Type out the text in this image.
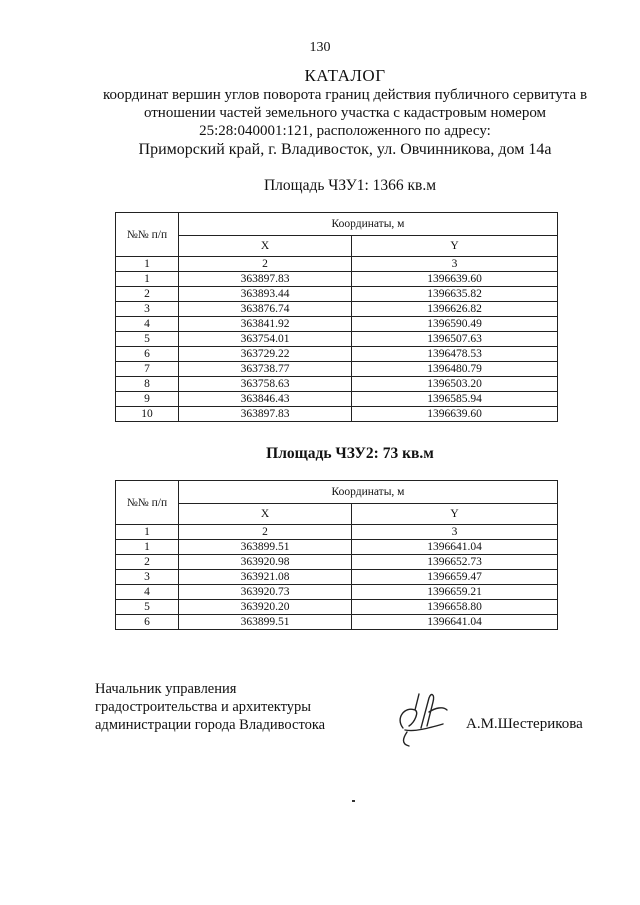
130
КАТАЛОГ
координат вершин углов поворота границ действия публичного сервитута в
отношении частей земельного участка с кадастровым номером
25:28:040001:121, расположенного по адресу:
Приморский край, г. Владивосток, ул. Овчинникова, дом 14а
Площадь ЧЗУ1: 1366 кв.м
№№ п/п	Координаты, м	
	X	Y
1	2	3
1	363897.83	1396639.60
2	363893.44	1396635.82
3	363876.74	1396626.82
4	363841.92	1396590.49
5	363754.01	1396507.63
6	363729.22	1396478.53
7	363738.77	1396480.79
8	363758.63	1396503.20
9	363846.43	1396585.94
10	363897.83	1396639.60
Площадь ЧЗУ2: 73 кв.м
№№ п/п	Координаты, м	
	X	Y
1	2	3
1	363899.51	1396641.04
2	363920.98	1396652.73
3	363921.08	1396659.47
4	363920.73	1396659.21
5	363920.20	1396658.80
6	363899.51	1396641.04
Начальник управления
градостроительства и архитектуры
администрации города Владивостока	А.М.Шестерикова
